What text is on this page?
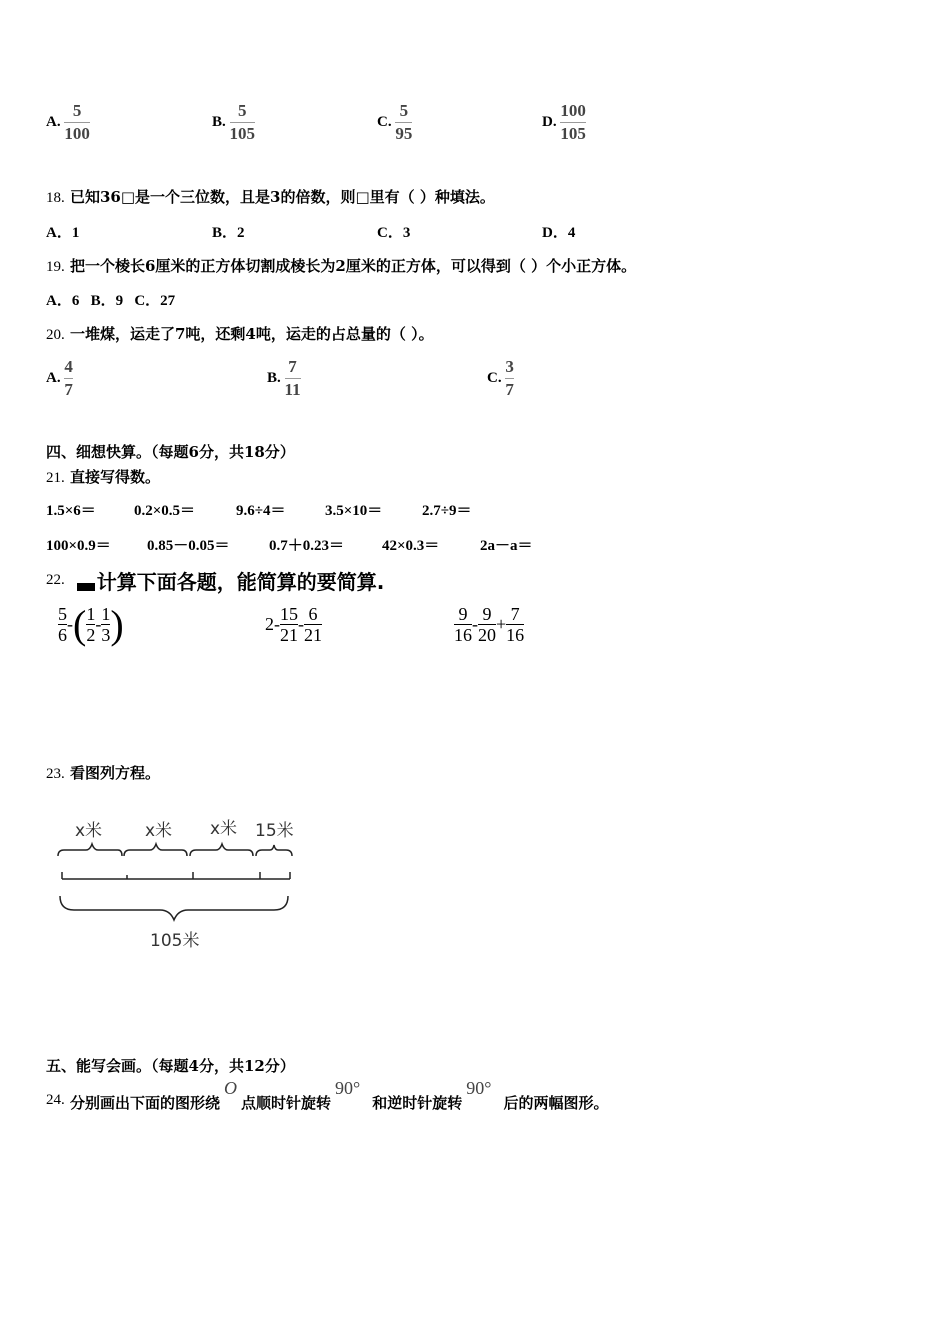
A. $\frac{5}{100}$	B. $\frac{5}{105}$	C. $\frac{5}{95}$	D. $\frac{100}{105}$
18. 已知36□是一个三位数，且是3的倍数，则□里有（ ）种填法。
A．1	B．2	C．3	D．4
19. 把一个棱长6厘米的正方体切割成棱长为2厘米的正方体，可以得到（ ）个小正方体。
A．6   B．9   C．27
20. 一堆煤，运走了7吨，还剩4吨，运走的占总量的（ ）。
A. $\frac{4}{7}$	B. $\frac{7}{11}$	C. $\frac{3}{7}$
四、细想快算。（每题6分，共18分）
21. 直接写得数。
1.5×6＝	0.2×0.5＝	9.6÷4＝	3.5×10＝	2.7÷9＝
100×0.9＝ 0.85－0.05＝	0.7＋0.23＝	42×0.3＝	2a－a＝
22. 计算下面各题，能简算的要简算.
5
6
- ( 1
2
- 1
3 )	2 - 15
21
- 6
21
9
16
- 9
20
+ 7
16
23. 看图列方程。
x米	x米 x米 15米
105米
五、能写会画。（每题4分，共12分）
24.
分别画出下面的图形绕
O
点顺时针旋转
90°
和逆时针旋转
90°
后的两幅图形。
